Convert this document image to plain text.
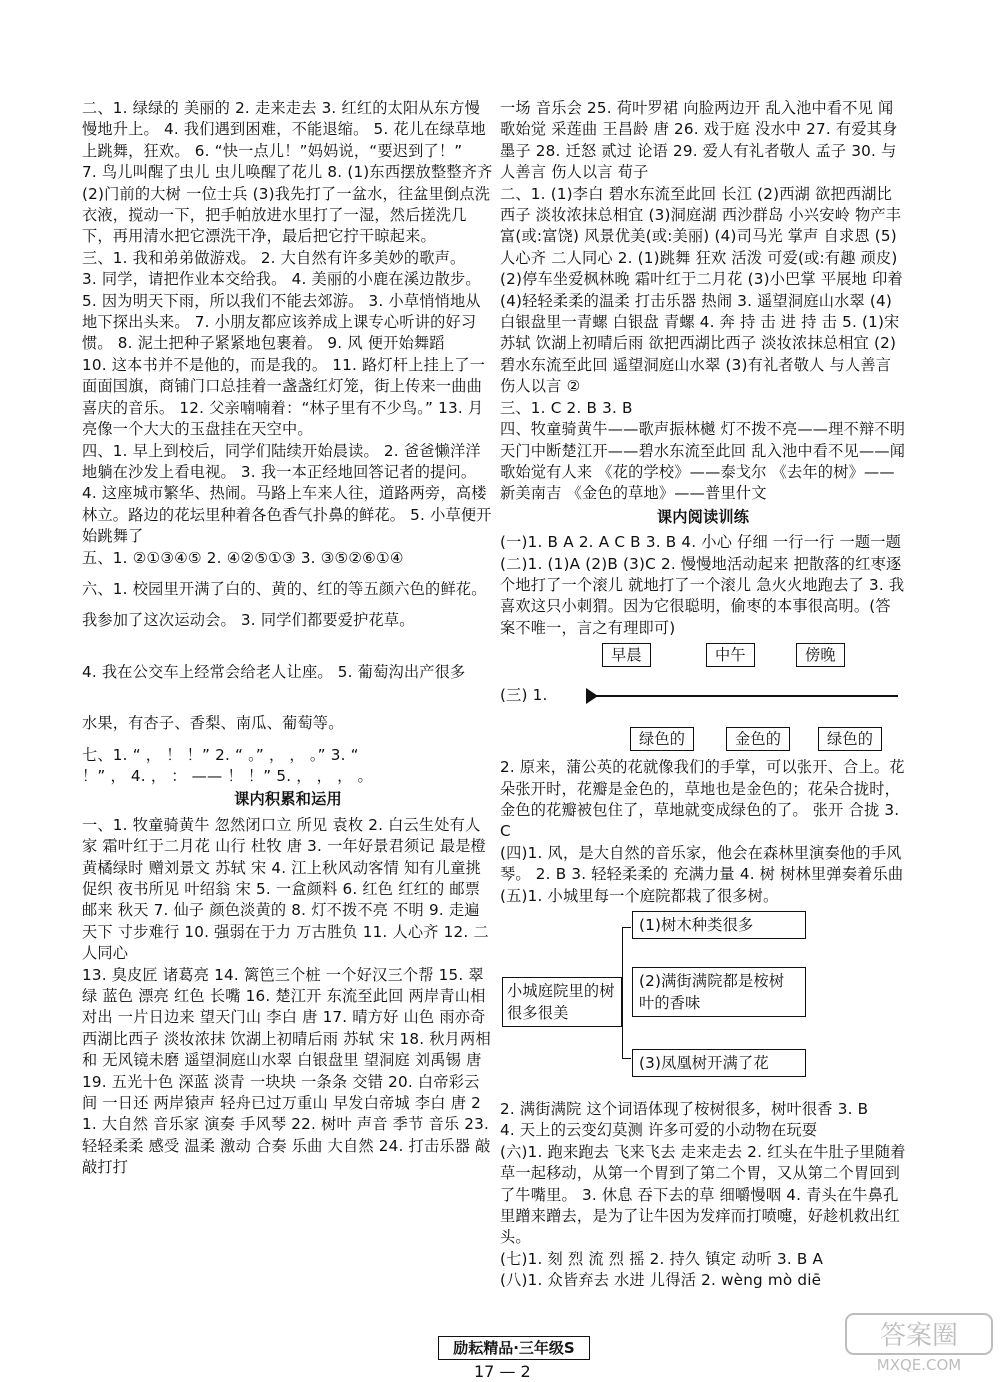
二、1. 绿绿的 美丽的 2. 走来走去 3. 红红的太阳从东方慢慢地升上。 4. 我们遇到困难，不能退缩。 5. 花儿在绿草地上跳舞，狂欢。 6. “快一点儿！”妈妈说，“要迟到了！”

7. 鸟儿叫醒了虫儿 虫儿唤醒了花儿 8. (1)东西摆放整整齐齐 (2)门前的大树 一位士兵 (3)我先打了一盆水，往盆里倒点洗衣液，搅动一下，把手帕放进水里打了一湿，然后搓洗几下，再用清水把它漂洗干净，最后把它拧干晾起来。

三、1. 我和弟弟做游戏。 2. 大自然有许多美妙的歌声。

3. 同学，请把作业本交给我。 4. 美丽的小鹿在溪边散步。

5. 因为明天下雨，所以我们不能去郊游。 3. 小草悄悄地从地下探出头来。 7. 小朋友都应该养成上课专心听讲的好习惯。 8. 泥土把种子紧紧地包裹着。 9. 风 便开始舞蹈

10. 这本书并不是他的，而是我的。 11. 路灯杆上挂上了一面面国旗，商铺门口总挂着一盏盏红灯笼，街上传来一曲曲喜庆的音乐。 12. 父亲喃喃着：“林子里有不少鸟。” 13. 月亮像一个大大的玉盘挂在天空中。

四、1. 早上到校后，同学们陆续开始晨读。 2. 爸爸懒洋洋地躺在沙发上看电视。 3. 我一本正经地回答记者的提问。 4. 这座城市繁华、热闹。马路上车来人往，道路两旁，高楼林立。路边的花坛里种着各色香气扑鼻的鲜花。 5. 小草便开始跳舞了

五、1. ②①③④⑤ 2. ④②⑤①③ 3. ③⑤②⑥①④

六、1. 校园里开满了白的、黄的、红的等五颜六色的鲜花。

我参加了这次运动会。 3. 同学们都要爱护花草。

4. 我在公交车上经常会给老人让座。 5. 葡萄沟出产很多

水果，有杏子、香梨、南瓜、葡萄等。

七、1. “ ， ！ ！” 2. “ 。” ， ， 。” 3. “

！” ， 4. ， ： —— ！ ！” 5. ， ， ， 。

课内积累和运用

一、1. 牧童骑黄牛 忽然闭口立 所见 袁枚 2. 白云生处有人家 霜叶红于二月花 山行 杜牧 唐 3. 一年好景君须记 最是橙黄橘绿时 赠刘景文 苏轼 宋 4. 江上秋风动客情 知有儿童挑促织 夜书所见 叶绍翁 宋 5. 一盒颜料 6. 红色 红红的 邮票 邮来 秋天 7. 仙子 颜色淡黄的 8. 灯不拨不亮 不明 9. 走遍天下 寸步难行 10. 强弱在于力 万古胜负 11. 人心齐 12. 二人同心

13. 臭皮匠 诸葛亮 14. 篱笆三个桩 一个好汉三个帮 15. 翠绿 蓝色 漂亮 红色 长嘴 16. 楚江开 东流至此回 两岸青山相对出 一片日边来 望天门山 李白 唐 17. 晴方好 山色 雨亦奇 西湖比西子 淡妆浓抹 饮湖上初晴后雨 苏轼 宋 18. 秋月两相和 无风镜未磨 遥望洞庭山水翠 白银盘里 望洞庭 刘禹锡 唐 19. 五光十色 深蓝 淡青 一块块 一条条 交错 20. 白帝彩云间 一日还 两岸猿声 轻舟已过万重山 早发白帝城 李白 唐 21. 大自然 音乐家 演奏 手风琴 22. 树叶 声音 季节 音乐 23. 轻轻柔柔 感受 温柔 激动 合奏 乐曲 大自然 24. 打击乐器 敲敲打打

一场 音乐会 25. 荷叶罗裙 向脸两边开 乱入池中看不见 闻歌始觉 采莲曲 王昌龄 唐 26. 戏于庭 没水中 27. 有爱其身 墨子 28. 迁怒 贰过 论语 29. 爱人有礼者敬人 孟子 30. 与人善言 伤人以言 荀子

二、1. (1)李白 碧水东流至此回 长江 (2)西湖 欲把西湖比西子 淡妆浓抹总相宜 (3)洞庭湖 西沙群岛 小兴安岭 物产丰富(或:富饶) 风景优美(或:美丽) (4)司马光 掌声 自求恩 (5)人心齐 二人同心 2. (1)跳舞 狂欢 活泼 可爱(或:有趣 顽皮) (2)停车坐爱枫林晚 霜叶红于二月花 (3)小巴掌 平展地 印着 (4)轻轻柔柔的温柔 打击乐器 热闹 3. 遥望洞庭山水翠 (4)白银盘里一青螺 白银盘 青螺 4. 奔 持 击 进 持 击 5. (1)宋 苏轼 饮湖上初晴后雨 欲把西湖比西子 淡妆浓抹总相宜 (2)碧水东流至此回 遥望洞庭山水翠 (3)有礼者敬人 与人善言 伤人以言 ②

三、1. C 2. B 3. B

四、牧童骑黄牛——歌声振林樾 灯不拨不亮——理不辩不明 天门中断楚江开——碧水东流至此回 乱入池中看不见——闻歌始觉有人来 《花的学校》——泰戈尔 《去年的树》——新美南吉 《金色的草地》——普里什文

课内阅读训练

(一)1. B A 2. A C B 3. B 4. 小心 仔细 一行一行 一题一题

(二)1. (1)A (2)B (3)C 2. 慢慢地活动起来 把散落的红枣逐个地打了一个滚儿 就地打了一个滚儿 急火火地跑去了 3. 我喜欢这只小刺猬。因为它很聪明，偷枣的本事很高明。(答案不唯一，言之有理即可)

(三) 1.
早晨	中午	傍晚
绿色的	金色的	绿色的

2. 原来，蒲公英的花就像我们的手掌，可以张开、合上。花朵张开时，花瓣是金色的，草地也是金色的；花朵合拢时，金色的花瓣被包住了，草地就变成绿色的了。 张开 合拢 3. C

(四)1. 风，是大自然的音乐家，他会在森林里演奏他的手风琴。 2. B 3. 轻轻柔柔的 充满力量 4. 树 树林里弹奏着乐曲

(五)1. 小城里每一个庭院都栽了很多树。

小城庭院里的树很多很美
(1)树木种类很多
(2)满街满院都是桉树叶的香味
(3)凤凰树开满了花

2. 满街满院 这个词语体现了桉树很多，树叶很香 3. B

4. 天上的云变幻莫测 许多可爱的小动物在玩耍

(六)1. 跑来跑去 飞来飞去 走来走去 2. 红头在牛肚子里随着草一起移动，从第一个胃到了第二个胃，又从第二个胃回到了牛嘴里。 3. 休息 吞下去的草 细嚼慢咽 4. 青头在牛鼻孔里蹭来蹭去，是为了让牛因为发痒而打喷嚏，好趁机救出红头。

(七)1. 刻 烈 流 烈 摇 2. 持久 镇定 动听 3. B A

(八)1. 众皆弃去 水进 儿得活 2. wèng mò diē

励耘精品·三年级S
17 — 2
答案圈
MXQE.COM
